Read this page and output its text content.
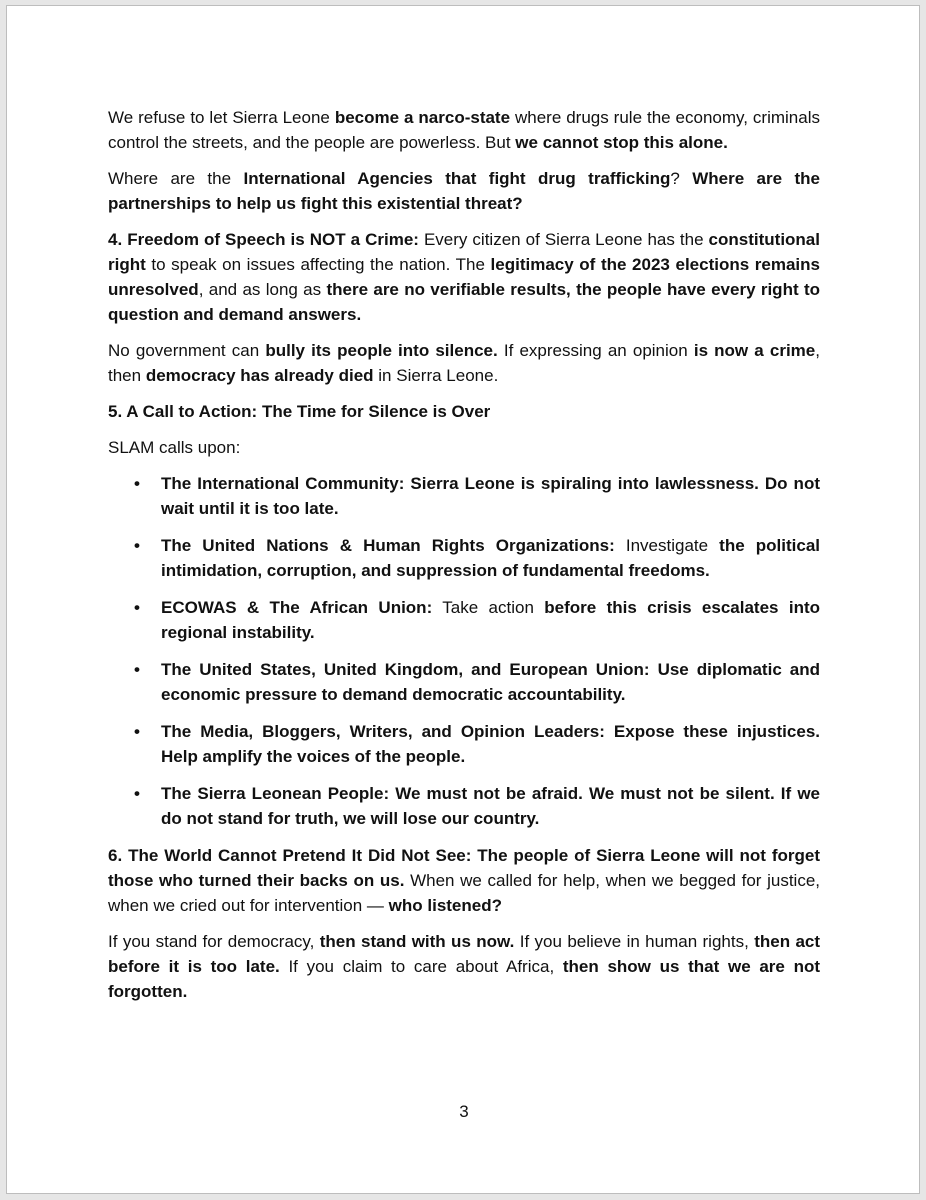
We refuse to let Sierra Leone become a narco-state where drugs rule the economy, criminals control the streets, and the people are powerless. But we cannot stop this alone.

Where are the International Agencies that fight drug trafficking? Where are the partnerships to help us fight this existential threat?

4. Freedom of Speech is NOT a Crime: Every citizen of Sierra Leone has the constitutional right to speak on issues affecting the nation. The legitimacy of the 2023 elections remains unresolved, and as long as there are no verifiable results, the people have every right to question and demand answers.

No government can bully its people into silence. If expressing an opinion is now a crime, then democracy has already died in Sierra Leone.

5. A Call to Action: The Time for Silence is Over

SLAM calls upon:

• The International Community: Sierra Leone is spiraling into lawlessness. Do not wait until it is too late.
• The United Nations & Human Rights Organizations: Investigate the political intimidation, corruption, and suppression of fundamental freedoms.
• ECOWAS & The African Union: Take action before this crisis escalates into regional instability.
• The United States, United Kingdom, and European Union: Use diplomatic and economic pressure to demand democratic accountability.
• The Media, Bloggers, Writers, and Opinion Leaders: Expose these injustices. Help amplify the voices of the people.
• The Sierra Leonean People: We must not be afraid. We must not be silent. If we do not stand for truth, we will lose our country.

6. The World Cannot Pretend It Did Not See: The people of Sierra Leone will not forget those who turned their backs on us. When we called for help, when we begged for justice, when we cried out for intervention — who listened?

If you stand for democracy, then stand with us now. If you believe in human rights, then act before it is too late. If you claim to care about Africa, then show us that we are not forgotten.

3
